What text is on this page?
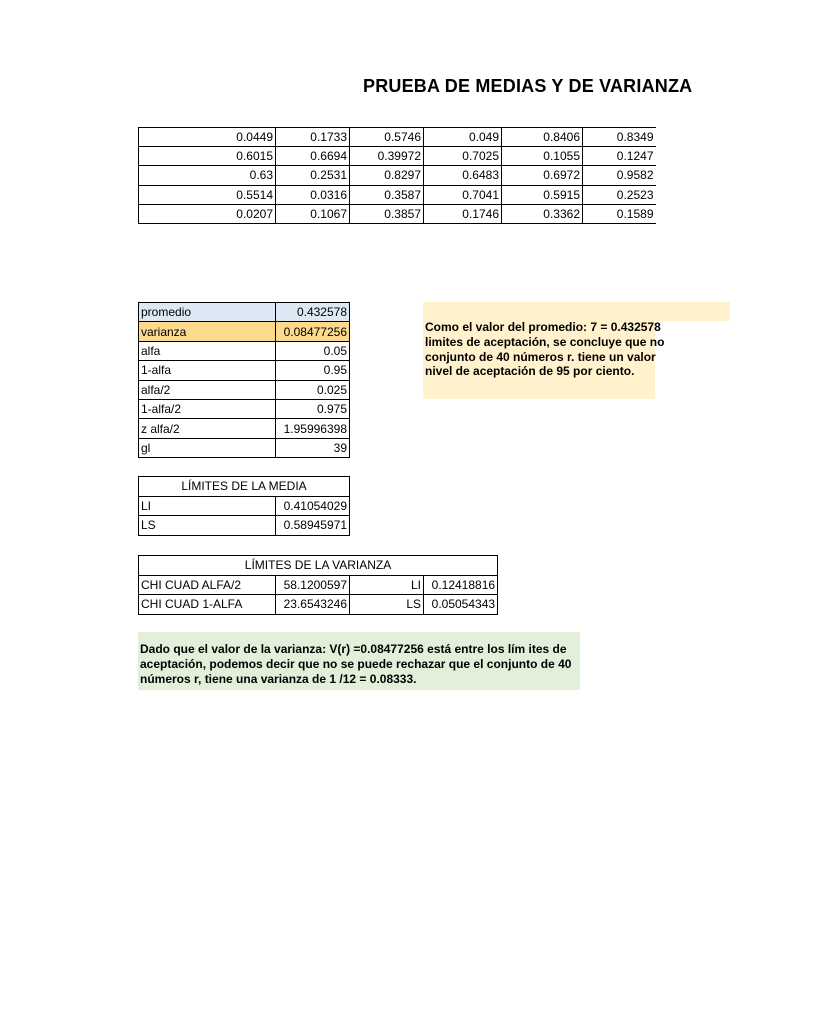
PRUEBA DE MEDIAS Y DE VARIANZA
0.0449	0.1733	0.5746	0.049	0.8406	0.8349
0.6015	0.6694	0.39972	0.7025	0.1055	0.1247
0.63	0.2531	0.8297	0.6483	0.6972	0.9582
0.5514	0.0316	0.3587	0.7041	0.5915	0.2523
0.0207	0.1067	0.3857	0.1746	0.3362	0.1589
promedio	0.432578
varianza	0.08477256
alfa	0.05
1-alfa	0.95
alfa/2	0.025
1-alfa/2	0.975
z alfa/2	1.95996398
gl	39
LÍMITES DE LA MEDIA	
LI	0.41054029
LS	0.58945971
LÍMITES DE LA VARIANZA			
CHI CUAD ALFA/2	58.1200597	LI	0.12418816
CHI CUAD 1-ALFA	23.6543246	LS	0.05054343

Como el valor del promedio: 7 = 0.432578
limites de aceptación, se concluye que no
conjunto de 40 números r. tiene un valor
nivel de aceptación de 95 por ciento.

Dado que el valor de la varianza: V(r) =0.08477256 está entre los lím ites de
aceptación, podemos decir que no se puede rechazar que el conjunto de 40
números r, tiene una varianza de 1 /12 = 0.08333.
